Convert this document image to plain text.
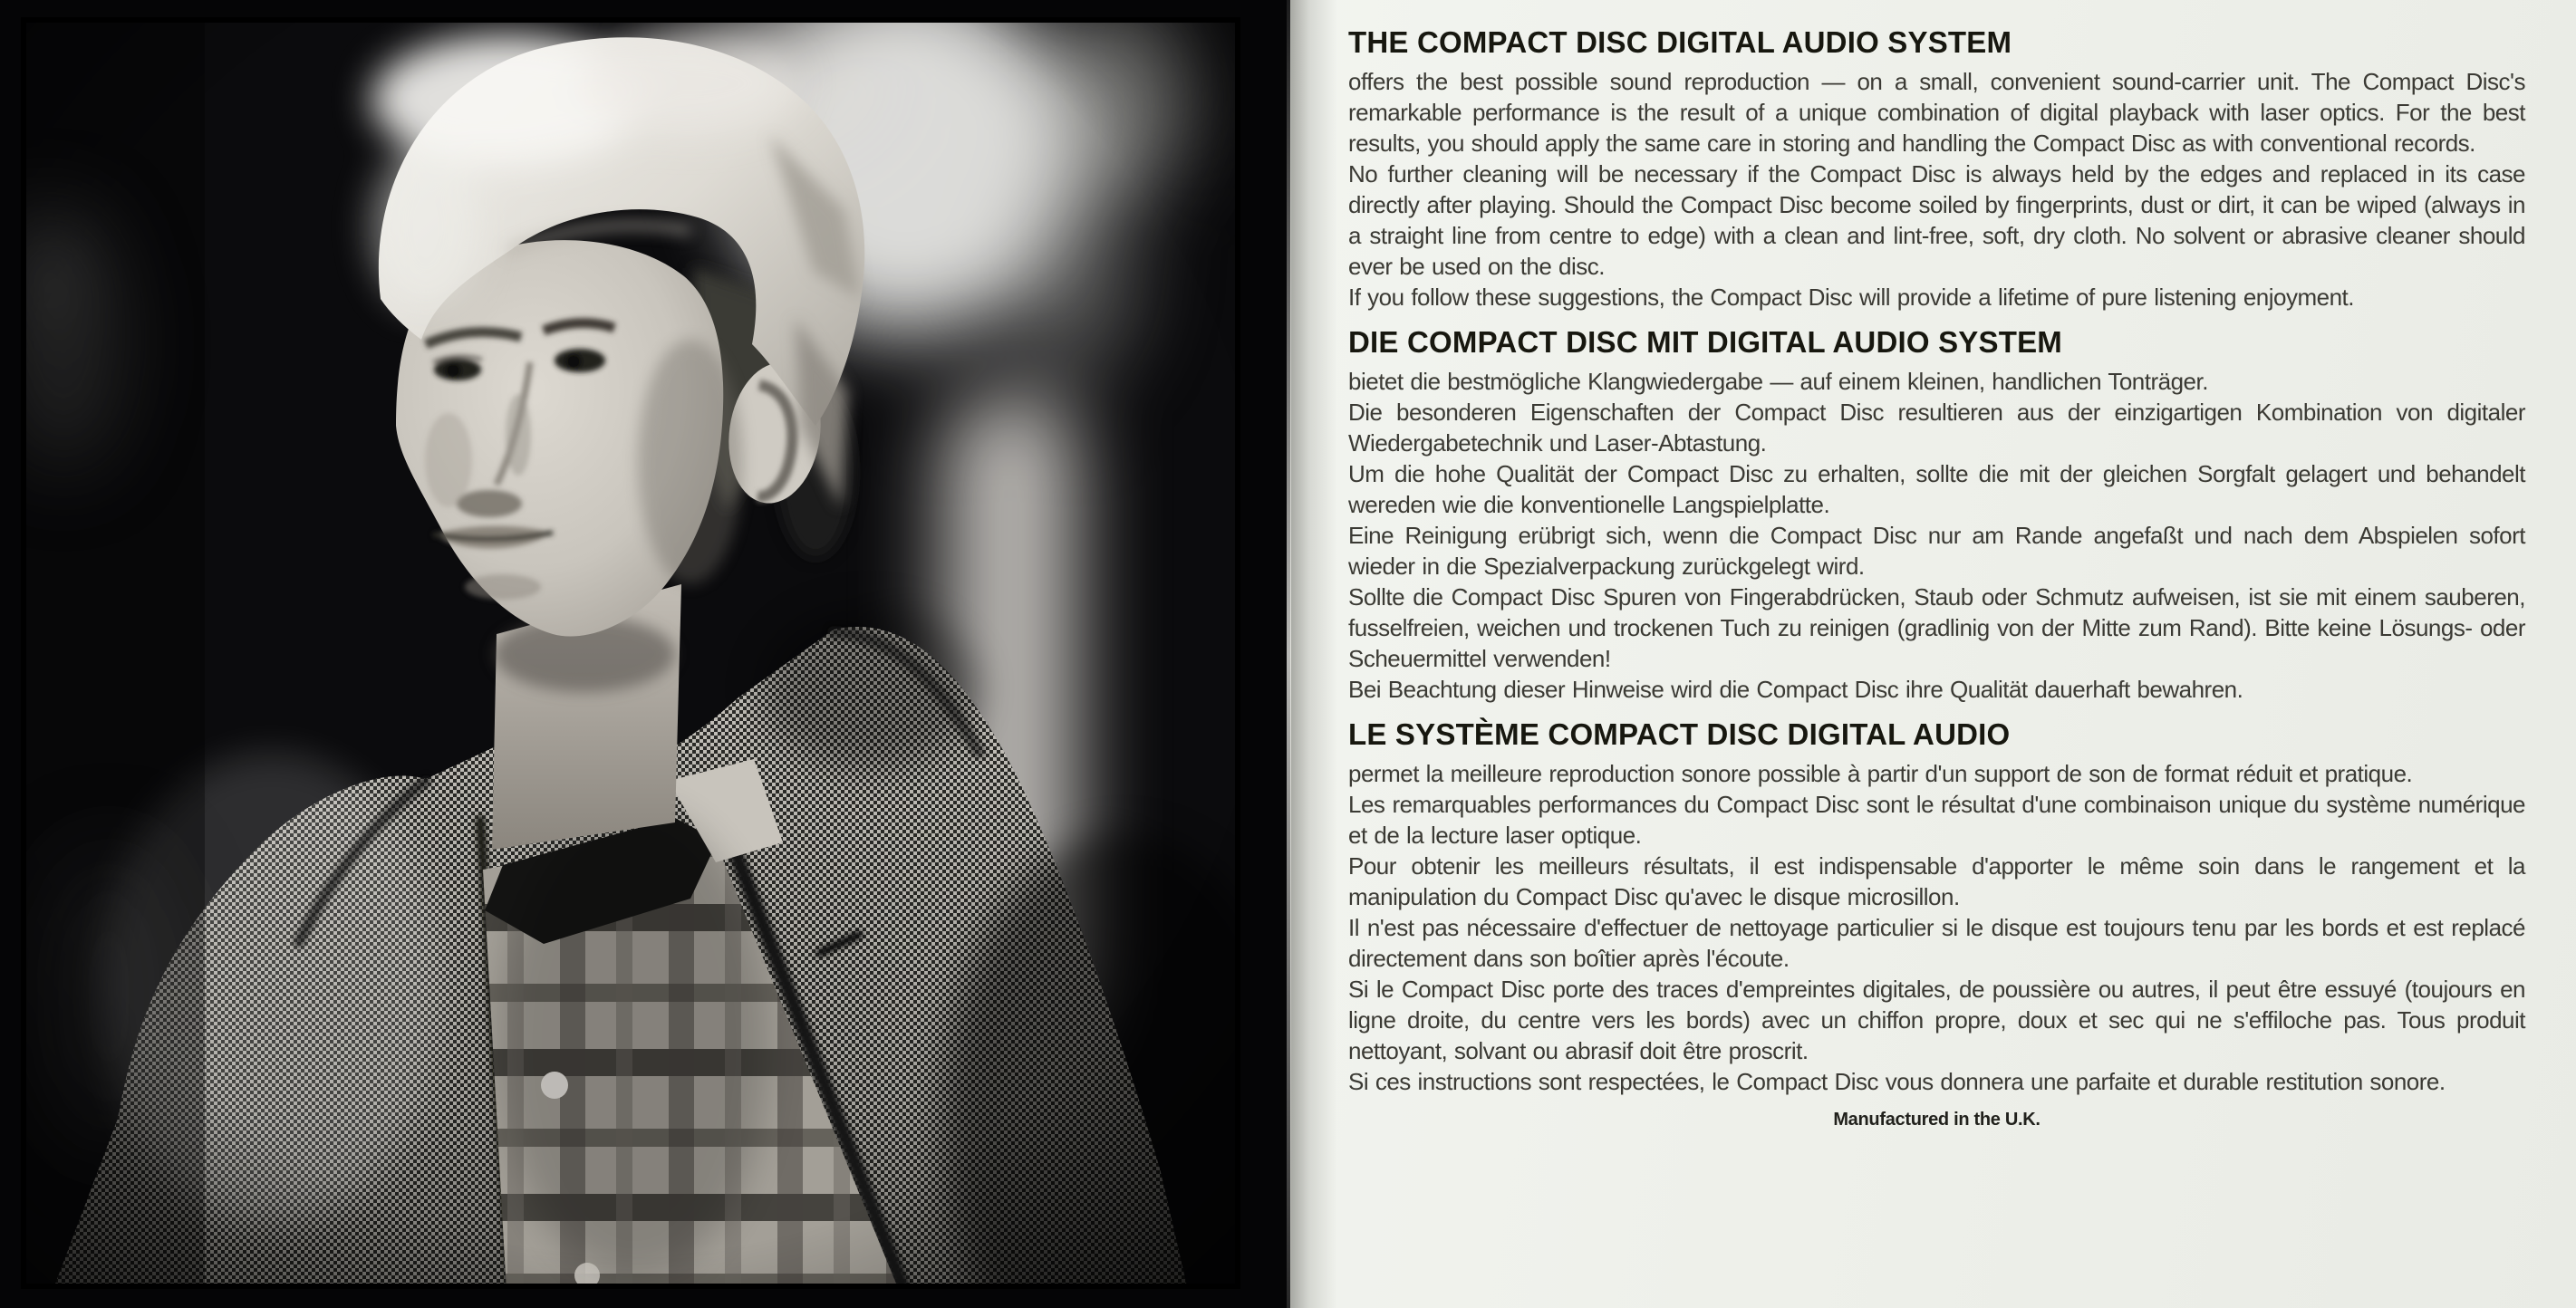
THE COMPACT DISC DIGITAL AUDIO SYSTEM

offers the best possible sound reproduction — on a small, convenient sound-carrier unit. The Compact Disc's remarkable performance is the result of a unique combination of digital playback with laser optics. For the best results, you should apply the same care in storing and handling the Compact Disc as with conventional records.

No further cleaning will be necessary if the Compact Disc is always held by the edges and replaced in its case directly after playing. Should the Compact Disc become soiled by fingerprints, dust or dirt, it can be wiped (always in a straight line from centre to edge) with a clean and lint-free, soft, dry cloth. No solvent or abrasive cleaner should ever be used on the disc.

If you follow these suggestions, the Compact Disc will provide a lifetime of pure listening enjoyment.

DIE COMPACT DISC MIT DIGITAL AUDIO SYSTEM

bietet die bestmögliche Klangwiedergabe — auf einem kleinen, handlichen Tonträger.

Die besonderen Eigenschaften der Compact Disc resultieren aus der einzigartigen Kombination von digitaler Wiedergabetechnik und Laser-Abtastung.

Um die hohe Qualität der Compact Disc zu erhalten, sollte die mit der gleichen Sorgfalt gelagert und behandelt wereden wie die konventionelle Langspielplatte.

Eine Reinigung erübrigt sich, wenn die Compact Disc nur am Rande angefaßt und nach dem Abspielen sofort wieder in die Spezialverpackung zurückgelegt wird.

Sollte die Compact Disc Spuren von Fingerabdrücken, Staub oder Schmutz aufweisen, ist sie mit einem sauberen, fusselfreien, weichen und trockenen Tuch zu reinigen (gradlinig von der Mitte zum Rand). Bitte keine Lösungs- oder Scheuermittel verwenden!

Bei Beachtung dieser Hinweise wird die Compact Disc ihre Qualität dauerhaft bewahren.

LE SYSTÈME COMPACT DISC DIGITAL AUDIO

permet la meilleure reproduction sonore possible à partir d'un support de son de format réduit et pratique.

Les remarquables performances du Compact Disc sont le résultat d'une combinaison unique du système numérique et de la lecture laser optique.

Pour obtenir les meilleurs résultats, il est indispensable d'apporter le même soin dans le rangement et la manipulation du Compact Disc qu'avec le disque microsillon.

Il n'est pas nécessaire d'effectuer de nettoyage particulier si le disque est toujours tenu par les bords et est replacé directement dans son boîtier après l'écoute.

Si le Compact Disc porte des traces d'empreintes digitales, de poussière ou autres, il peut être essuyé (toujours en ligne droite, du centre vers les bords) avec un chiffon propre, doux et sec qui ne s'effiloche pas. Tous produit nettoyant, solvant ou abrasif doit être proscrit.

Si ces instructions sont respectées, le Compact Disc vous donnera une parfaite et durable restitution sonore.

Manufactured in the U.K.
